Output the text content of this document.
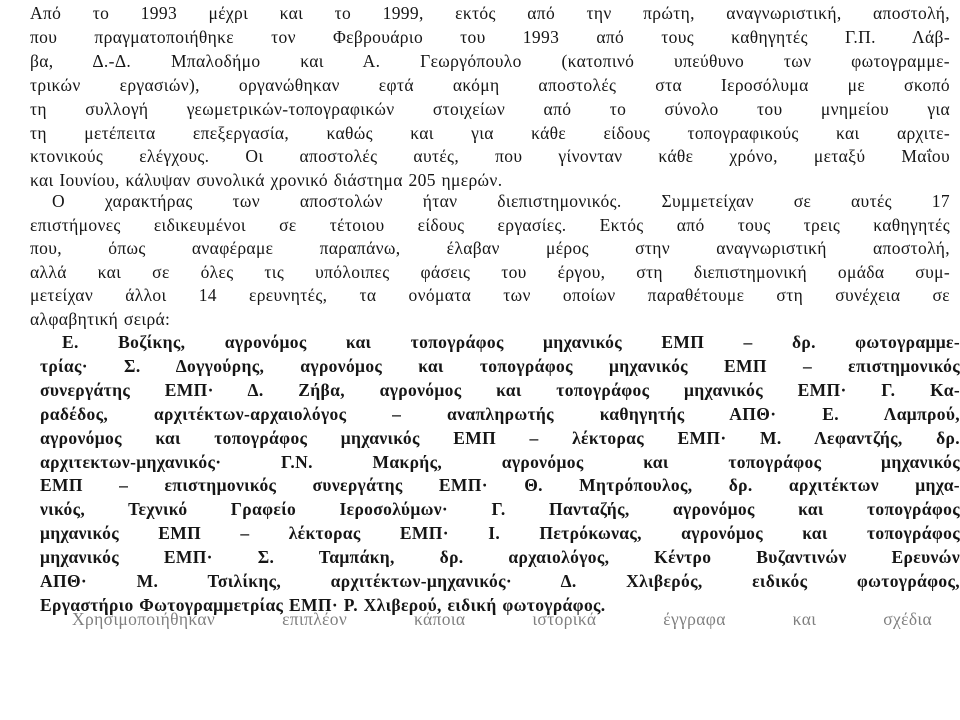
Από το 1993 μέχρι και το 1999, εκτός από την πρώτη, αναγνωριστική, αποστολή,
που πραγματοποιήθηκε τον Φεβρουάριο του 1993 από τους καθηγητές Γ.Π. Λάβ-
βα, Δ.-Δ. Μπαλοδήμο και Α. Γεωργόπουλο (κατοπινό υπεύθυνο των φωτογραμμε-
τρικών εργασιών), οργανώθηκαν εφτά ακόμη αποστολές στα Ιεροσόλυμα με σκοπό
τη συλλογή γεωμετρικών-τοπογραφικών στοιχείων από το σύνολο του μνημείου για
τη μετέπειτα επεξεργασία, καθώς και για κάθε είδους τοπογραφικούς και αρχιτε-
κτονικούς ελέγχους. Οι αποστολές αυτές, που γίνονταν κάθε χρόνο, μεταξύ Μαΐου
και Ιουνίου, κάλυψαν συνολικά χρονικό διάστημα 205 ημερών.
Ο χαρακτήρας των αποστολών ήταν διεπιστημονικός. Συμμετείχαν σε αυτές 17
επιστήμονες ειδικευμένοι σε τέτοιου είδους εργασίες. Εκτός από τους τρεις καθηγητές
που, όπως αναφέραμε παραπάνω, έλαβαν μέρος στην αναγνωριστική αποστολή,
αλλά και σε όλες τις υπόλοιπες φάσεις του έργου, στη διεπιστημονική ομάδα συμ-
μετείχαν άλλοι 14 ερευνητές, τα ονόματα των οποίων παραθέτουμε στη συνέχεια σε
αλφαβητική σειρά:
Ε. Βοζίκης, αγρονόμος και τοπογράφος μηχανικός ΕΜΠ – δρ. φωτογραμμε-
τρίας· Σ. Δογγούρης, αγρονόμος και τοπογράφος μηχανικός ΕΜΠ – επιστημονικός
συνεργάτης ΕΜΠ· Δ. Ζήβα, αγρονόμος και τοπογράφος μηχανικός ΕΜΠ· Γ. Κα-
ραδέδος, αρχιτέκτων-αρχαιολόγος – αναπληρωτής καθηγητής ΑΠΘ· Ε. Λαμπρού,
αγρονόμος και τοπογράφος μηχανικός ΕΜΠ – λέκτορας ΕΜΠ· Μ. Λεφαντζής, δρ.
αρχιτεκτων-μηχανικός· Γ.Ν. Μακρής, αγρονόμος και τοπογράφος μηχανικός
ΕΜΠ – επιστημονικός συνεργάτης ΕΜΠ· Θ. Μητρόπουλος, δρ. αρχιτέκτων μηχα-
νικός, Τεχνικό Γραφείο Ιεροσολύμων· Γ. Πανταζής, αγρονόμος και τοπογράφος
μηχανικός ΕΜΠ – λέκτορας ΕΜΠ· Ι. Πετρόκωνας, αγρονόμος και τοπογράφος
μηχανικός ΕΜΠ· Σ. Ταμπάκη, δρ. αρχαιολόγος, Κέντρο Βυζαντινών Ερευνών
ΑΠΘ· Μ. Τσιλίκης, αρχιτέκτων-μηχανικός· Δ. Χλιβερός, ειδικός φωτογράφος,
Εργαστήριο Φωτογραμμετρίας ΕΜΠ· Ρ. Χλιβερού, ειδική φωτογράφος.
Χρησιμοποιήθηκαν επιπλέον κάποια ιστορικά έγγραφα και σχέδια
